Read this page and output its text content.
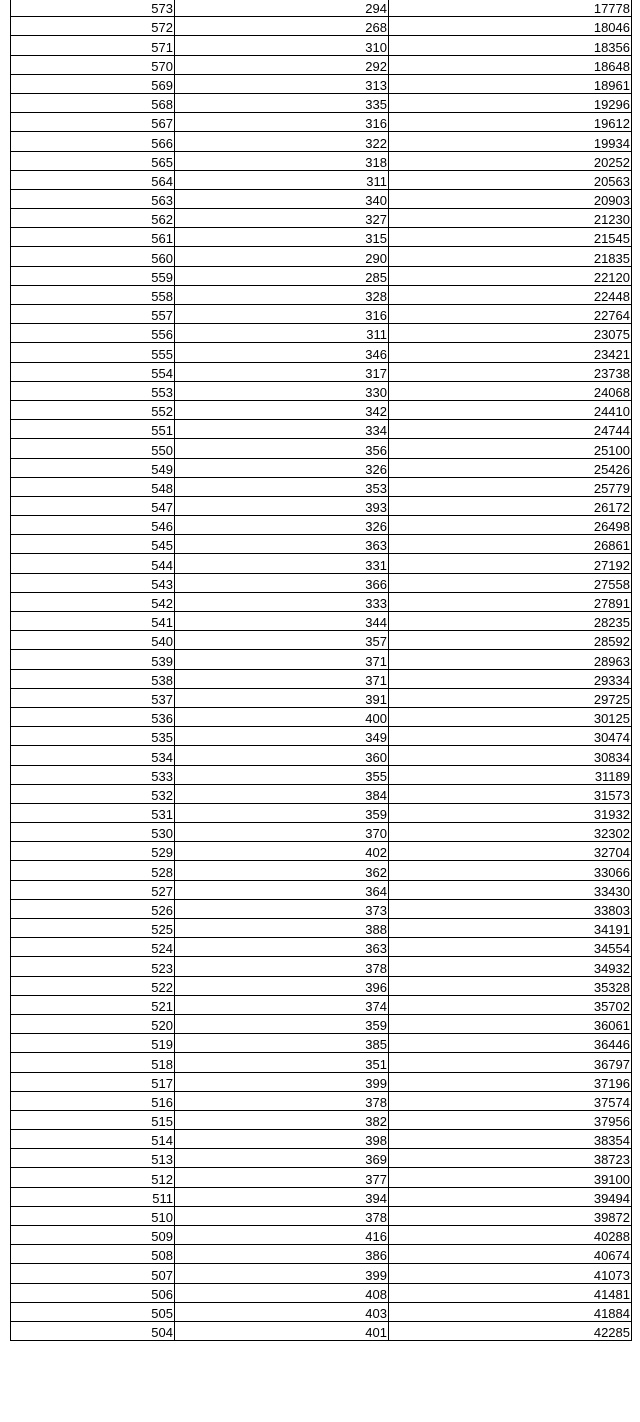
573	294	17778
572	268	18046
571	310	18356
570	292	18648
569	313	18961
568	335	19296
567	316	19612
566	322	19934
565	318	20252
564	311	20563
563	340	20903
562	327	21230
561	315	21545
560	290	21835
559	285	22120
558	328	22448
557	316	22764
556	311	23075
555	346	23421
554	317	23738
553	330	24068
552	342	24410
551	334	24744
550	356	25100
549	326	25426
548	353	25779
547	393	26172
546	326	26498
545	363	26861
544	331	27192
543	366	27558
542	333	27891
541	344	28235
540	357	28592
539	371	28963
538	371	29334
537	391	29725
536	400	30125
535	349	30474
534	360	30834
533	355	31189
532	384	31573
531	359	31932
530	370	32302
529	402	32704
528	362	33066
527	364	33430
526	373	33803
525	388	34191
524	363	34554
523	378	34932
522	396	35328
521	374	35702
520	359	36061
519	385	36446
518	351	36797
517	399	37196
516	378	37574
515	382	37956
514	398	38354
513	369	38723
512	377	39100
511	394	39494
510	378	39872
509	416	40288
508	386	40674
507	399	41073
506	408	41481
505	403	41884
504	401	42285
